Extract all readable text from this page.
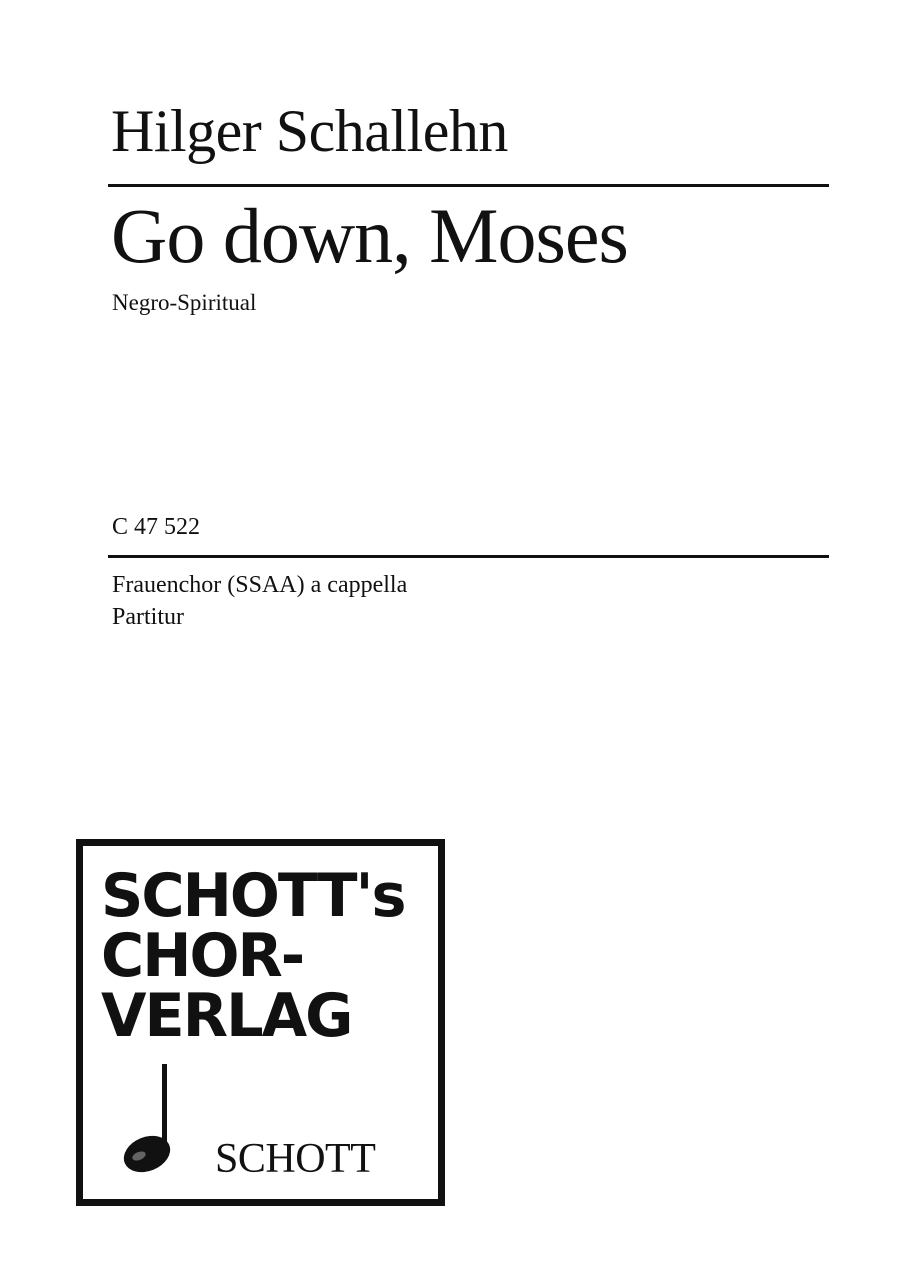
Hilger Schallehn
Go down, Moses
Negro-Spiritual
C 47 522
Frauenchor (SSAA) a cappella
Partitur
SCHOTT's
CHOR-
VERLAG
SCHOTT
